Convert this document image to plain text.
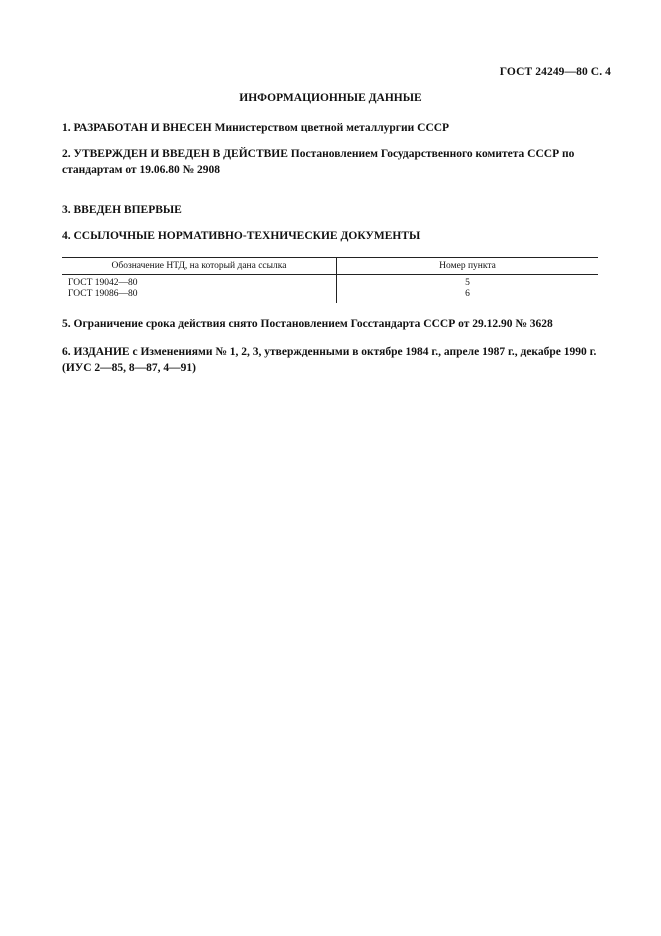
ГОСТ 24249—80 С. 4
ИНФОРМАЦИОННЫЕ ДАННЫЕ
1. РАЗРАБОТАН И ВНЕСЕН Министерством цветной металлургии СССР
2. УТВЕРЖДЕН И ВВЕДЕН В ДЕЙСТВИЕ Постановлением Государственного комитета СССР по стандартам от 19.06.80 № 2908
3. ВВЕДЕН ВПЕРВЫЕ
4. ССЫЛОЧНЫЕ НОРМАТИВНО-ТЕХНИЧЕСКИЕ ДОКУМЕНТЫ
Обозначение НТД, на который дана ссылка	Номер пункта
ГОСТ 19042—80	5
ГОСТ 19086—80	6
5. Ограничение срока действия снято Постановлением Госстандарта СССР от 29.12.90 № 3628
6. ИЗДАНИЕ с Изменениями № 1, 2, 3, утвержденными в октябре 1984 г., апреле 1987 г., декабре 1990 г. (ИУС 2—85, 8—87, 4—91)
